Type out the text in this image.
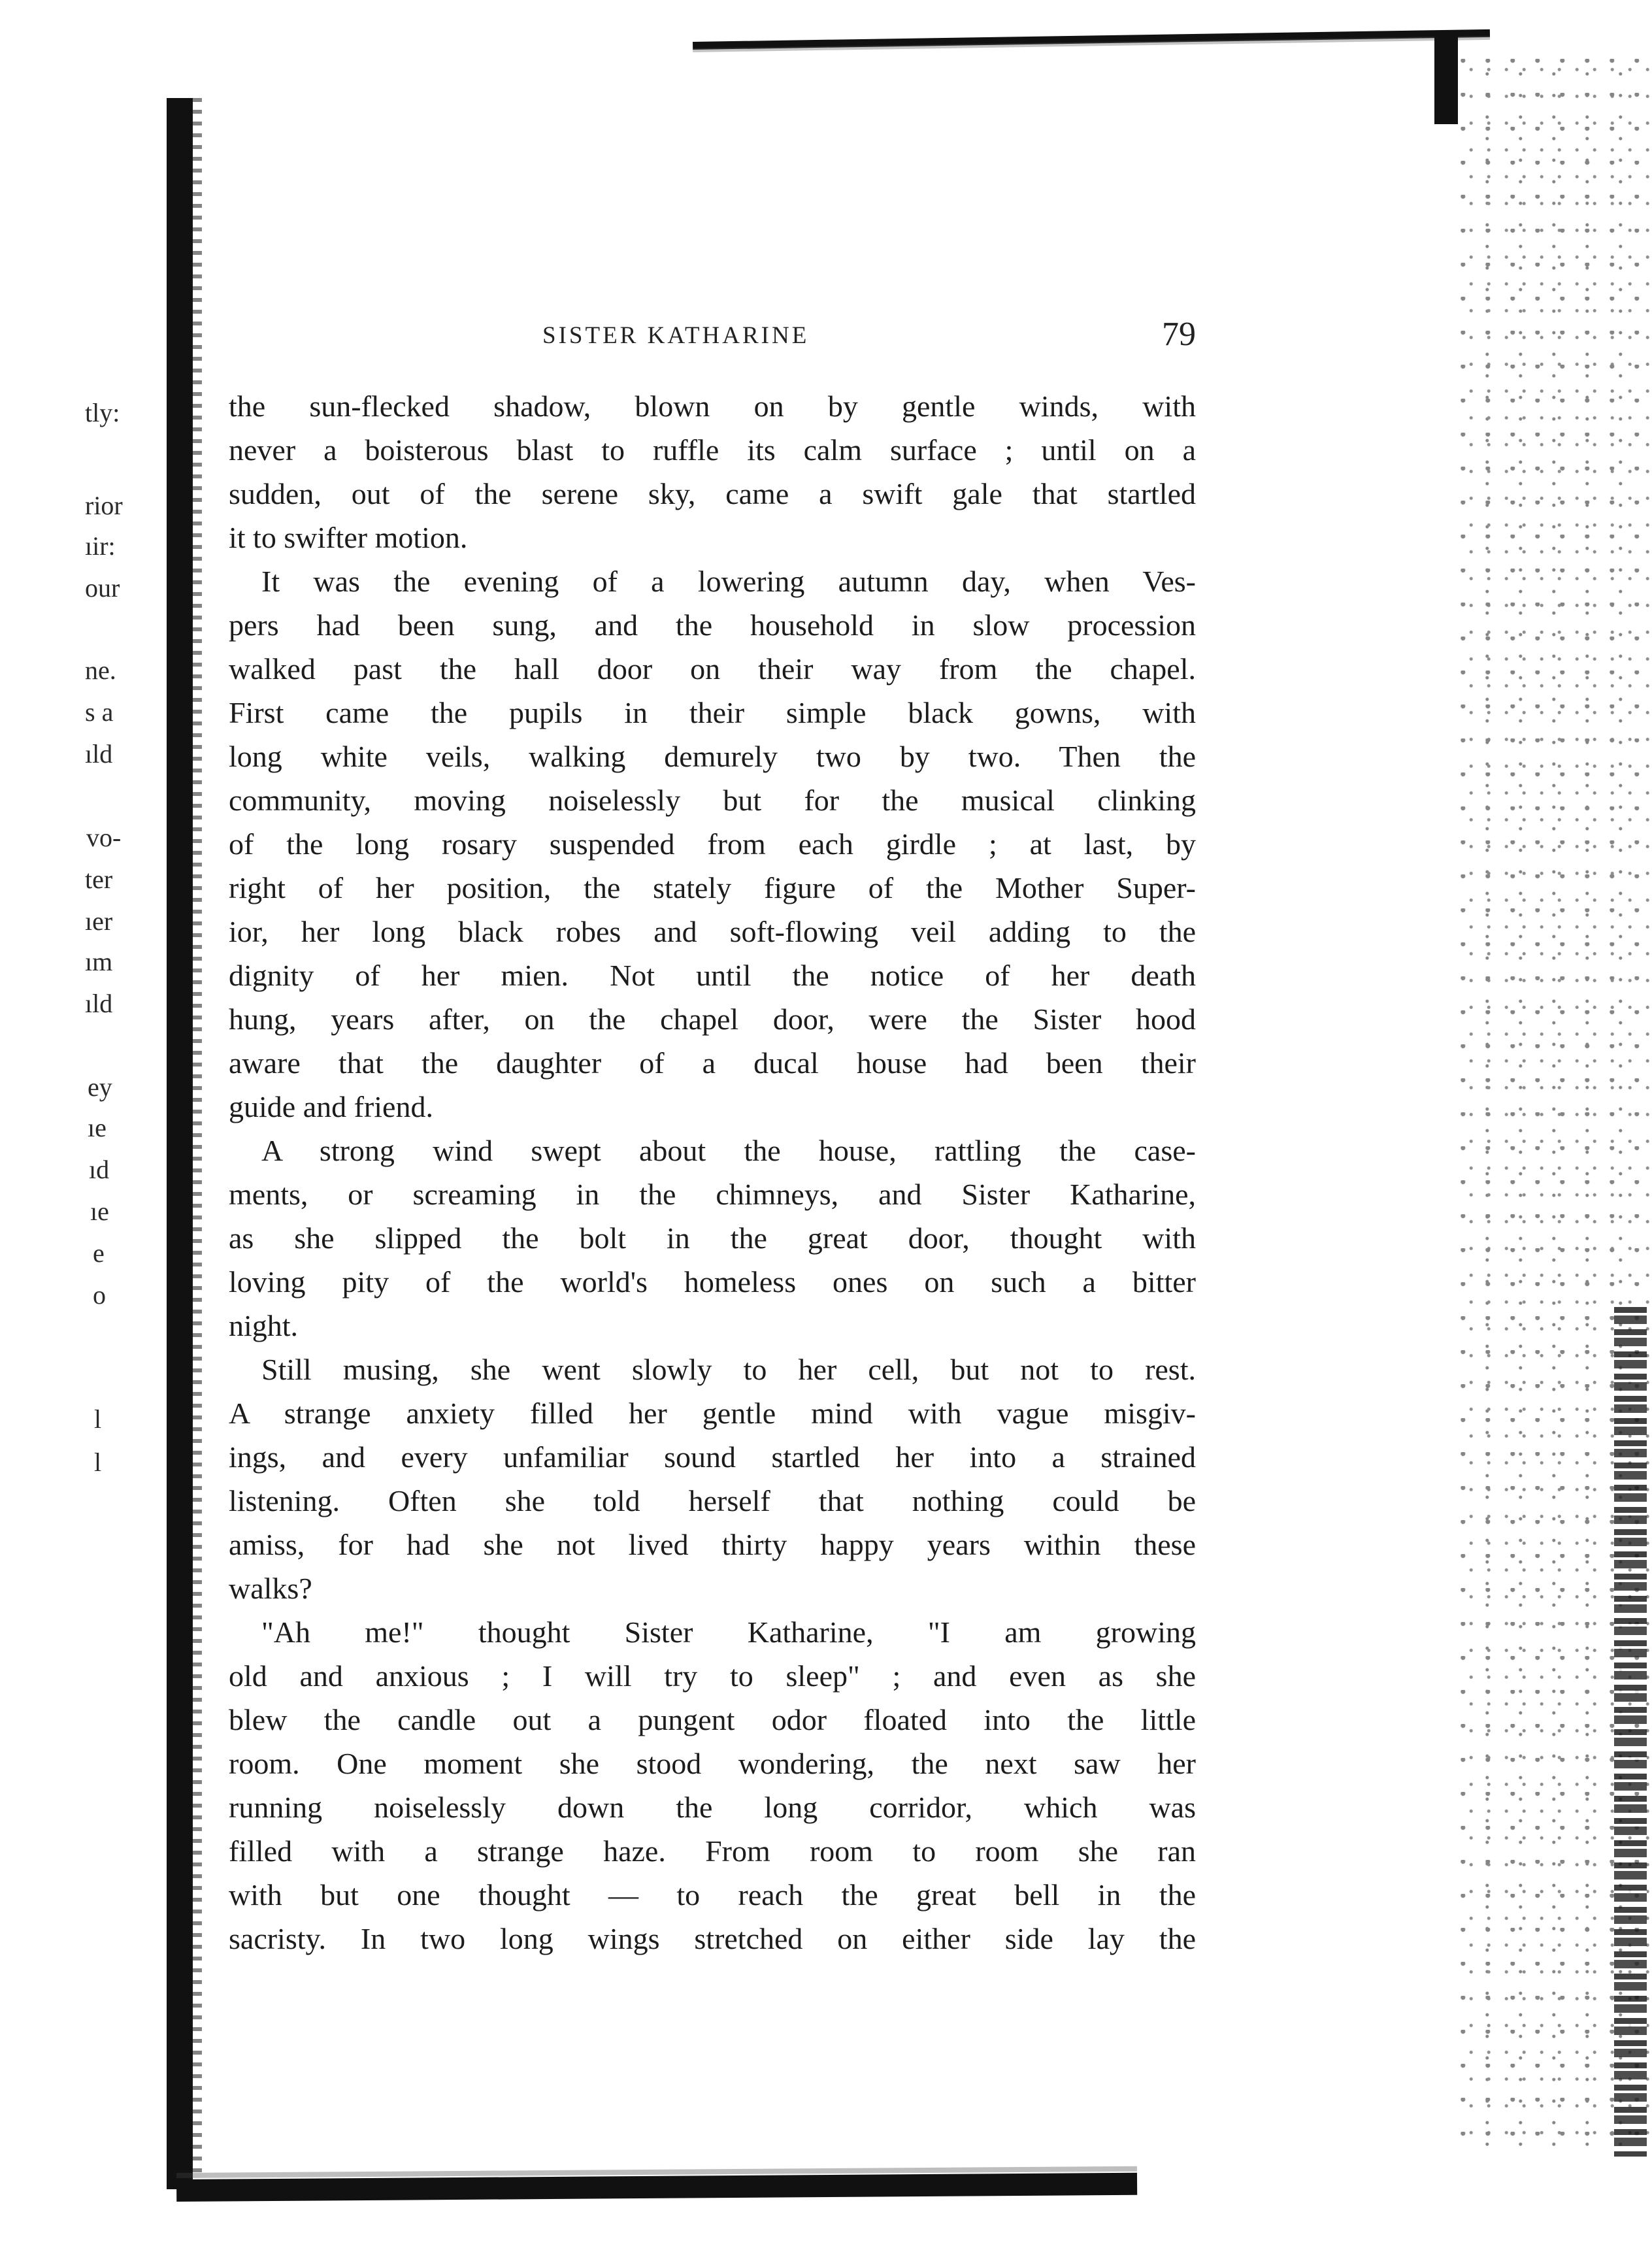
tly:
rior
ıir:
our
ne.
s a
ıld
vo-
ter
ıer
ım
ıld
ey
ıe
ıd
ıe
e
o
l
l
SISTER KATHARINE	79
the sun-flecked shadow, blown on by gentle winds, with
never a boisterous blast to ruffle its calm surface ; until on a
sudden, out of the serene sky, came a swift gale that startled
it to swifter motion.
It was the evening of a lowering autumn day, when Ves-
pers had been sung, and the household in slow procession
walked past the hall door on their way from the chapel.
First came the pupils in their simple black gowns, with
long white veils, walking demurely two by two. Then the
community, moving noiselessly but for the musical clinking
of the long rosary suspended from each girdle ; at last, by
right of her position, the stately figure of the Mother Super-
ior, her long black robes and soft-flowing veil adding to the
dignity of her mien. Not until the notice of her death
hung, years after, on the chapel door, were the Sister hood
aware that the daughter of a ducal house had been their
guide and friend.
A strong wind swept about the house, rattling the case-
ments, or screaming in the chimneys, and Sister Katharine,
as she slipped the bolt in the great door, thought with
loving pity of the world's homeless ones on such a bitter
night.
Still musing, she went slowly to her cell, but not to rest.
A strange anxiety filled her gentle mind with vague misgiv-
ings, and every unfamiliar sound startled her into a strained
listening. Often she told herself that nothing could be
amiss, for had she not lived thirty happy years within these
walks?
"Ah me!" thought Sister Katharine, "I am growing
old and anxious ; I will try to sleep" ; and even as she
blew the candle out a pungent odor floated into the little
room. One moment she stood wondering, the next saw her
running noiselessly down the long corridor, which was
filled with a strange haze. From room to room she ran
with but one thought — to reach the great bell in the
sacristy. In two long wings stretched on either side lay the
